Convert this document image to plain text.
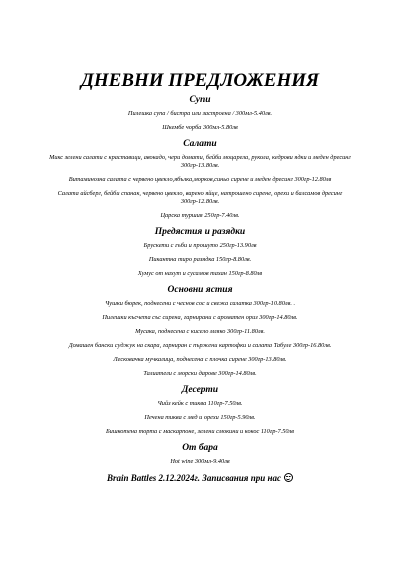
ДНЕВНИ ПРЕДЛОЖЕНИЯ
Супи
Пилешка супа / бистра или застроена / 300мл-5.40лв.
Шкембе чорба 300мл-5.80лв
Салати
Микс зелени салати с краставици, авокадо, чери домати, бейби моцарела, рукола, кедрови ядки и меден дресинг 300гр-13.80лв.
Витаминозна салата с червено цвекло,ябълка,морков,синьо сирене и меден дресинг 300гр-12.80лв
Салата айсберг, бейби спанак, червено цвекло, варено яйце, натрошено сирене, орехи и балсамов дресинг 300гр-12.80лв.
Царска туршия 250гр-7.40лв.
Предястия и разядки
Брускети с гъби и прошуто 250гр-13.90лв
Пикантна тиро разядка 150гр-8.80лв.
Хумус от нахут и сусамов тахан 150гр-8.80лв
Основни ястия
Чушки бюрек, поднесени с чеснов сос и свежа салатка 300гр-10.80лв. .
Пилешки късчета със сирена, гарнирани с ароматен ориз 300гр-14.80лв.
Мусака, поднесена с кисело мляко 300гр-11.80лв.
Домашен бански суджук на скара, гарниран с пържени картофки и салата Табуле 300гр-16.80лв.
Лесковачка мучкалица, поднесена с плочка сирене 300гр-13.80лв.
Талиатели с морски дарове 300гр-14.80лв.
Десерти
Чийз кейк с тиква 110гр-7.50лв.
Печена тиква с мед и орехи 150гр-5.90лв.
Бишкотена торта с маскарпоне, зелени смокини и кокос 110гр-7.50лв
От бара
Hot wine 300мл-9.40лв
Brain Battles 2.12.2024г. Записвания при нас
